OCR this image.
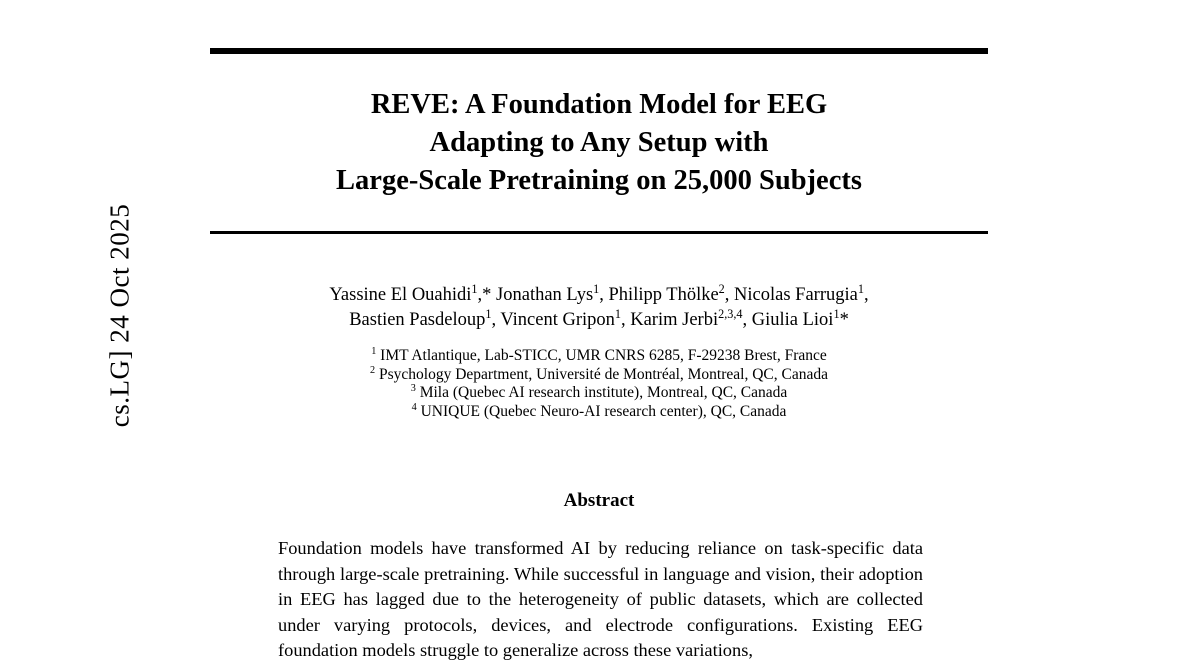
cs.LG] 24 Oct 2025
REVE: A Foundation Model for EEG
Adapting to Any Setup with
Large-Scale Pretraining on 25,000 Subjects
Yassine El Ouahidi$^1$,* Jonathan Lys$^1$, Philipp Thölke$^2$, Nicolas Farrugia$^1$,
Bastien Pasdeloup$^1$, Vincent Gripon$^1$, Karim Jerbi$^{2,3,4}$, Giulia Lioi$^1$*
$^1$ IMT Atlantique, Lab-STICC, UMR CNRS 6285, F-29238 Brest, France
$^2$ Psychology Department, Université de Montréal, Montreal, QC, Canada
$^3$ Mila (Quebec AI research institute), Montreal, QC, Canada
$^4$ UNIQUE (Quebec Neuro-AI research center), QC, Canada
Abstract

Foundation models have transformed AI by reducing reliance on task-specific data through large-scale pretraining. While successful in language and vision, their adoption in EEG has lagged due to the heterogeneity of public datasets, which are collected under varying protocols, devices, and electrode configurations. Existing EEG foundation models struggle to generalize across these variations,
